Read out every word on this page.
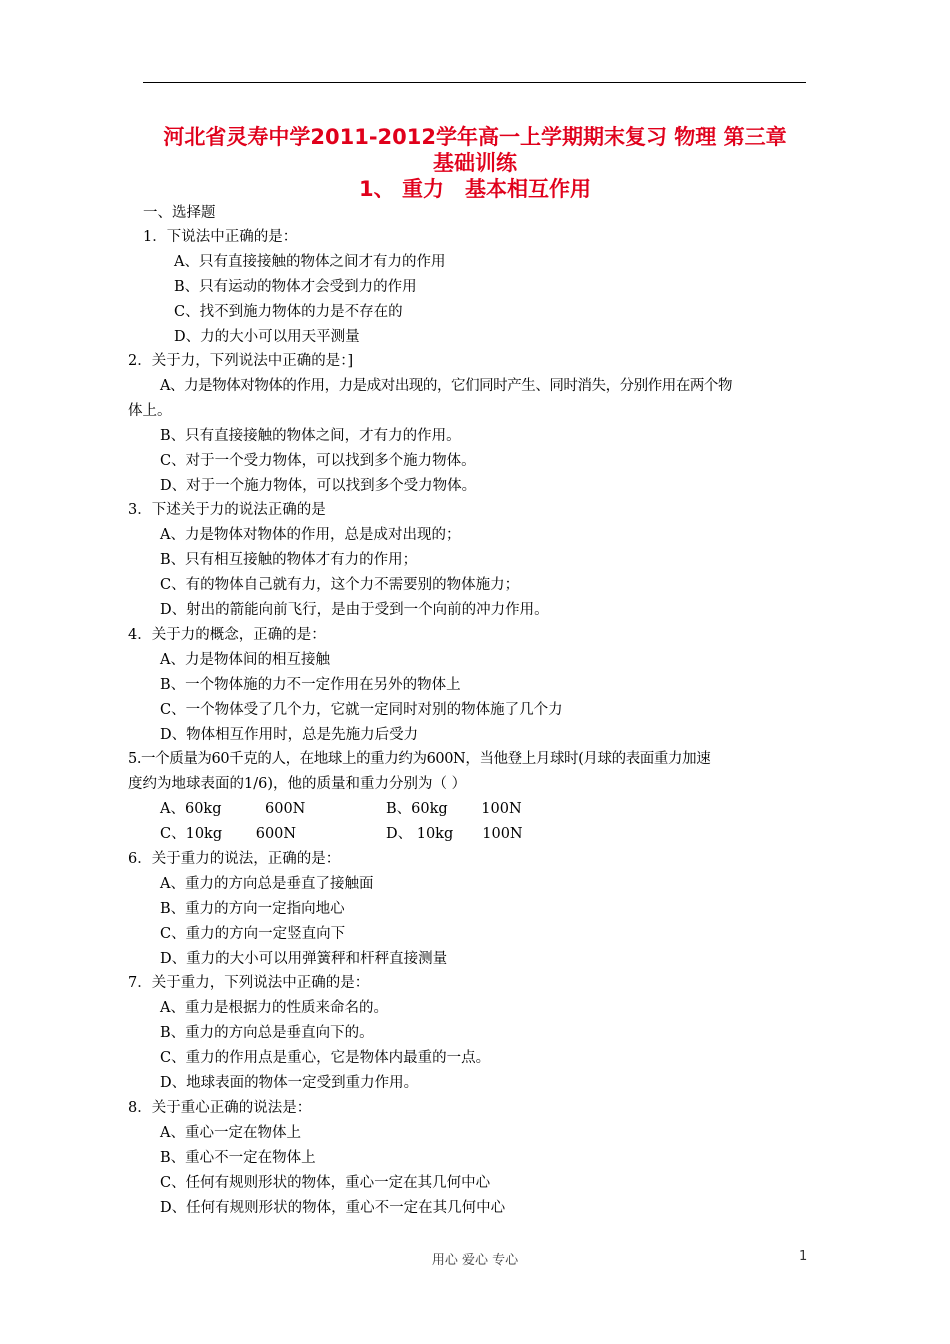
河北省灵寿中学2011-2012学年高一上学期期末复习 物理 第三章
基础训练
1、 重力　基本相互作用

一、选择题

1．下说法中正确的是：

A、只有直接接触的物体之间才有力的作用

B、只有运动的物体才会受到力的作用

C、找不到施力物体的力是不存在的

D、力的大小可以用天平测量

2．关于力，下列说法中正确的是：]

A、力是物体对物体的作用，力是成对出现的，它们同时产生、同时消失，分别作用在两个物

体上。

B、只有直接接触的物体之间，才有力的作用。

C、对于一个受力物体，可以找到多个施力物体。

D、对于一个施力物体，可以找到多个受力物体。

3．下述关于力的说法正确的是

A、力是物体对物体的作用，总是成对出现的；

B、只有相互接触的物体才有力的作用；

C、有的物体自己就有力，这个力不需要别的物体施力；

D、射出的箭能向前飞行，是由于受到一个向前的冲力作用。

4．关于力的概念，正确的是：

A、力是物体间的相互接触

B、一个物体施的力不一定作用在另外的物体上

C、一个物体受了几个力，它就一定同时对别的物体施了几个力

D、物体相互作用时，总是先施力后受力

5.一个质量为60千克的人，在地球上的重力约为600N，当他登上月球时(月球的表面重力加速

度约为地球表面的1/6)，他的质量和重力分别为（ ）

A、60kg　　　600N	B、60kg　　 100N
C、10kg　　 600N	D、 10kg　　100N

6．关于重力的说法，正确的是：

A、重力的方向总是垂直了接触面

B、重力的方向一定指向地心

C、重力的方向一定竖直向下

D、重力的大小可以用弹簧秤和杆秤直接测量

7．关于重力，下列说法中正确的是：

A、重力是根据力的性质来命名的。

B、重力的方向总是垂直向下的。

C、重力的作用点是重心，它是物体内最重的一点。

D、地球表面的物体一定受到重力作用。

8．关于重心正确的说法是：

A、重心一定在物体上

B、重心不一定在物体上

C、任何有规则形状的物体，重心一定在其几何中心

D、任何有规则形状的物体，重心不一定在其几何中心

用心 爱心 专心	1
